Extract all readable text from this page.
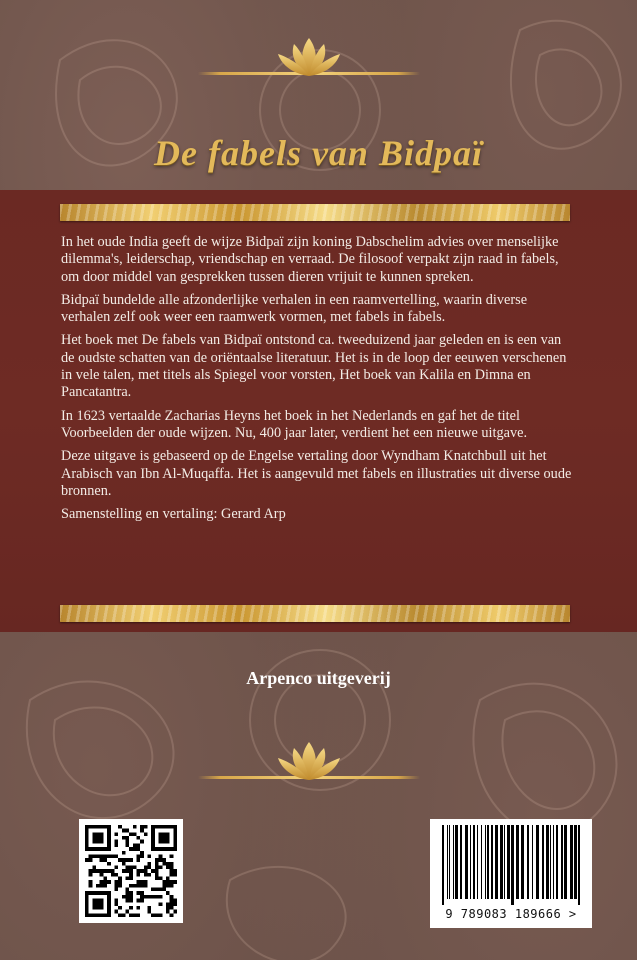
De fabels van Bidpaï

In het oude India geeft de wijze Bidpaï zijn koning Dabschelim advies over menselijke dilemma's, leiderschap, vriendschap en verraad. De filosoof verpakt zijn raad in fabels, om door middel van gesprekken tussen dieren vrijuit te kunnen spreken.

Bidpaï bundelde alle afzonderlijke verhalen in een raamvertelling, waarin diverse verhalen zelf ook weer een raamwerk vormen, met fabels in fabels.

Het boek met De fabels van Bidpaï ontstond ca. tweeduizend jaar geleden en is een van de oudste schatten van de oriëntaalse literatuur. Het is in de loop der eeuwen verschenen in vele talen, met titels als Spiegel voor vorsten, Het boek van Kalila en Dimna en Pancatantra.

In 1623 vertaalde Zacharias Heyns het boek in het Nederlands en gaf het de titel Voorbeelden der oude wijzen. Nu, 400 jaar later, verdient het een nieuwe uitgave.

Deze uitgave is gebaseerd op de Engelse vertaling door Wyndham Knatchbull uit het Arabisch van Ibn Al-Muqaffa. Het is aangevuld met fabels en illustraties uit diverse oude bronnen.

Samenstelling en vertaling: Gerard Arp

Arpenco uitgeverij
9 789083 189666 >
